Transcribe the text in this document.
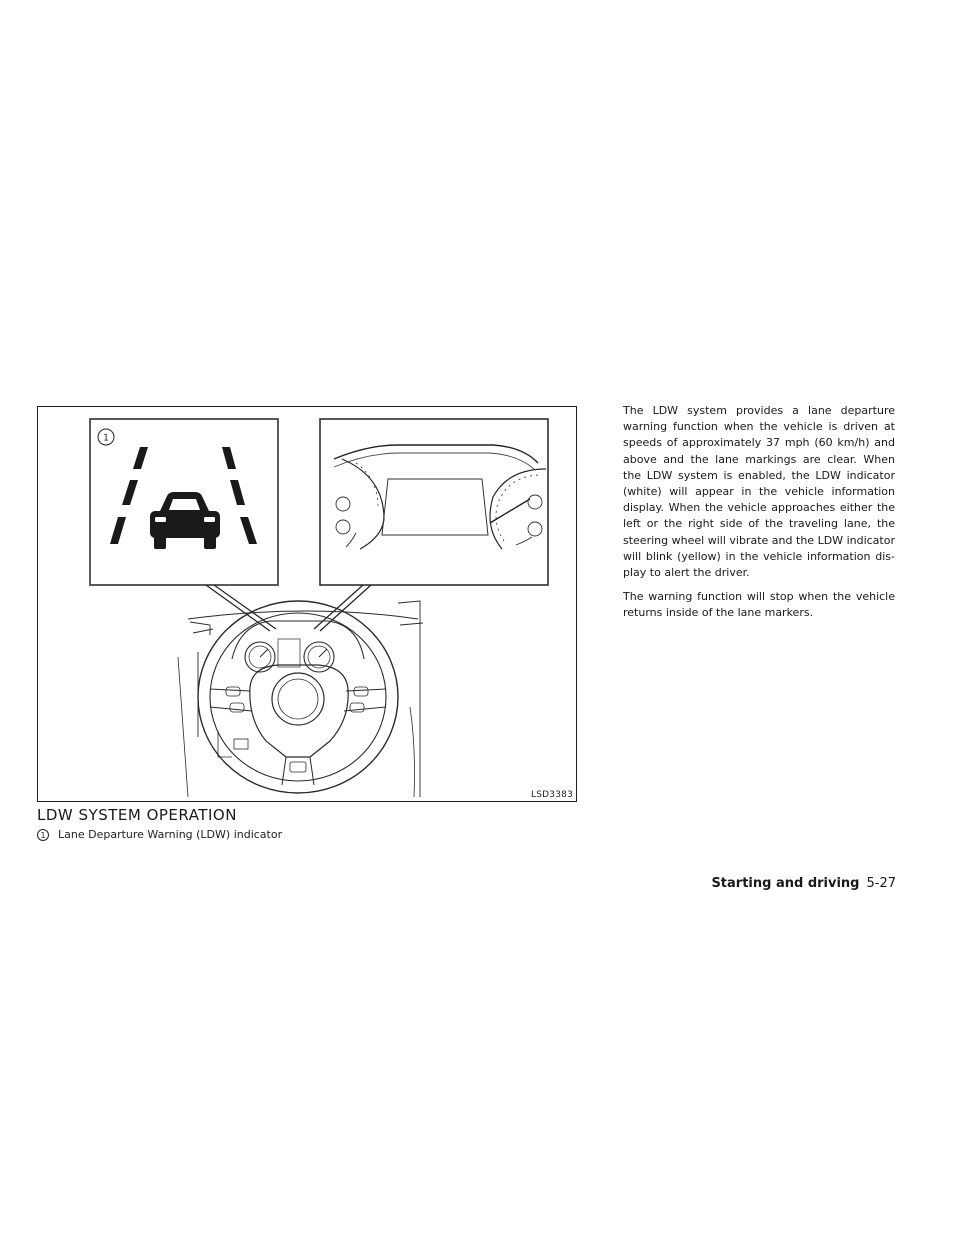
1
LSD3383
LDW SYSTEM OPERATION
1	Lane Departure Warning (LDW) indicator

The LDW system provides a lane departure warning function when the vehicle is driven at speeds of approximately 37 mph (60 km/h) and above and the lane markings are clear. When the LDW system is enabled, the LDW indicator (white) will appear in the vehicle information display. When the vehicle approaches either the left or the right side of the traveling lane, the steering wheel will vibrate and the LDW indicator will blink (yellow) in the vehicle information display to alert the driver.

The warning function will stop when the vehicle returns inside of the lane markers.

Starting and driving 5-27
